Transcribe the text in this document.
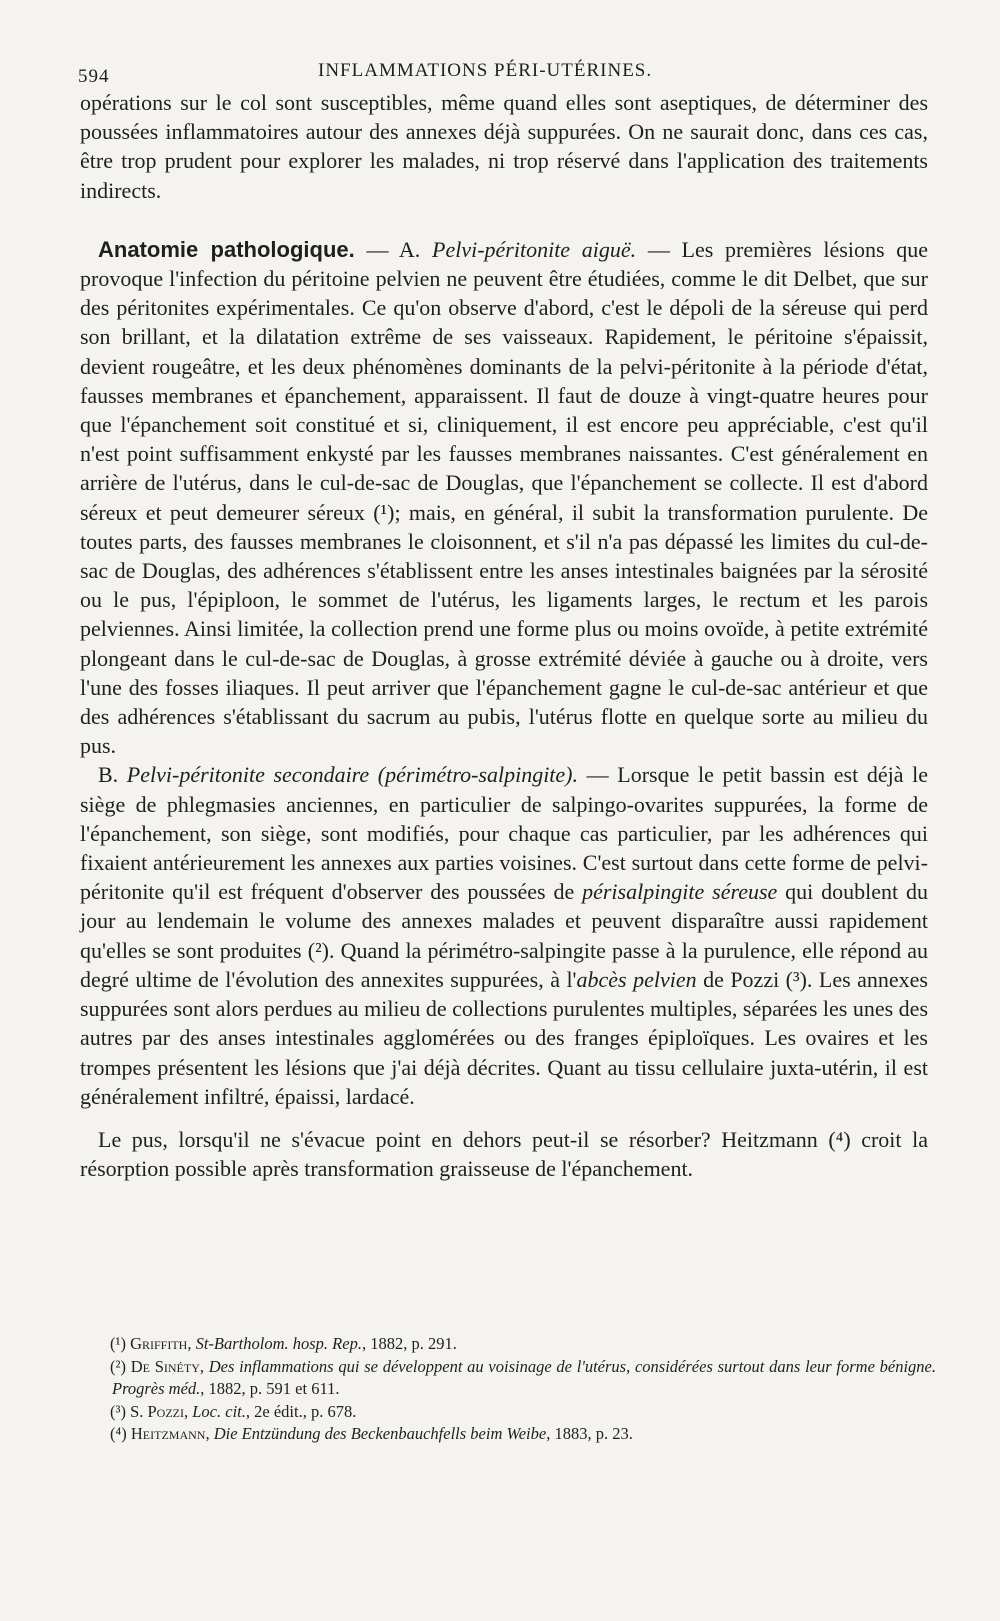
594	INFLAMMATIONS PÉRI-UTÉRINES.

opérations sur le col sont susceptibles, même quand elles sont aseptiques, de déterminer des poussées inflammatoires autour des annexes déjà suppurées. On ne saurait donc, dans ces cas, être trop prudent pour explorer les malades, ni trop réservé dans l'application des traitements indirects.

Anatomie pathologique. — A. Pelvi-péritonite aiguë. — Les premières lésions que provoque l'infection du péritoine pelvien ne peuvent être étudiées, comme le dit Delbet, que sur des péritonites expérimentales. Ce qu'on observe d'abord, c'est le dépoli de la séreuse qui perd son brillant, et la dilatation extrême de ses vaisseaux. Rapidement, le péritoine s'épaissit, devient rougeâtre, et les deux phénomènes dominants de la pelvi-péritonite à la période d'état, fausses membranes et épanchement, apparaissent. Il faut de douze à vingt-quatre heures pour que l'épanchement soit constitué et si, cliniquement, il est encore peu appréciable, c'est qu'il n'est point suffisamment enkysté par les fausses membranes naissantes. C'est généralement en arrière de l'utérus, dans le cul-de-sac de Douglas, que l'épanchement se collecte. Il est d'abord séreux et peut demeurer séreux (¹); mais, en général, il subit la transformation purulente. De toutes parts, des fausses membranes le cloisonnent, et s'il n'a pas dépassé les limites du cul-de-sac de Douglas, des adhérences s'établissent entre les anses intestinales baignées par la sérosité ou le pus, l'épiploon, le sommet de l'utérus, les ligaments larges, le rectum et les parois pelviennes. Ainsi limitée, la collection prend une forme plus ou moins ovoïde, à petite extrémité plongeant dans le cul-de-sac de Douglas, à grosse extrémité déviée à gauche ou à droite, vers l'une des fosses iliaques. Il peut arriver que l'épanchement gagne le cul-de-sac antérieur et que des adhérences s'établissant du sacrum au pubis, l'utérus flotte en quelque sorte au milieu du pus.

B. Pelvi-péritonite secondaire (périmétro-salpingite). — Lorsque le petit bassin est déjà le siège de phlegmasies anciennes, en particulier de salpingo-ovarites suppurées, la forme de l'épanchement, son siège, sont modifiés, pour chaque cas particulier, par les adhérences qui fixaient antérieurement les annexes aux parties voisines. C'est surtout dans cette forme de pelvi-péritonite qu'il est fréquent d'observer des poussées de périsalpingite séreuse qui doublent du jour au lendemain le volume des annexes malades et peuvent disparaître aussi rapidement qu'elles se sont produites (²). Quand la périmétro-salpingite passe à la purulence, elle répond au degré ultime de l'évolution des annexites suppurées, à l'abcès pelvien de Pozzi (³). Les annexes suppurées sont alors perdues au milieu de collections purulentes multiples, séparées les unes des autres par des anses intestinales agglomérées ou des franges épiploïques. Les ovaires et les trompes présentent les lésions que j'ai déjà décrites. Quant au tissu cellulaire juxta-utérin, il est généralement infiltré, épaissi, lardacé.

Le pus, lorsqu'il ne s'évacue point en dehors peut-il se résorber? Heitzmann (⁴) croit la résorption possible après transformation graisseuse de l'épanchement.

(¹) Griffith, St-Bartholom. hosp. Rep., 1882, p. 291.

(²) De Sinéty, Des inflammations qui se développent au voisinage de l'utérus, considérées surtout dans leur forme bénigne. Progrès méd., 1882, p. 591 et 611.

(³) S. Pozzi, Loc. cit., 2e édit., p. 678.

(⁴) Heitzmann, Die Entzündung des Beckenbauchfells beim Weibe, 1883, p. 23.
